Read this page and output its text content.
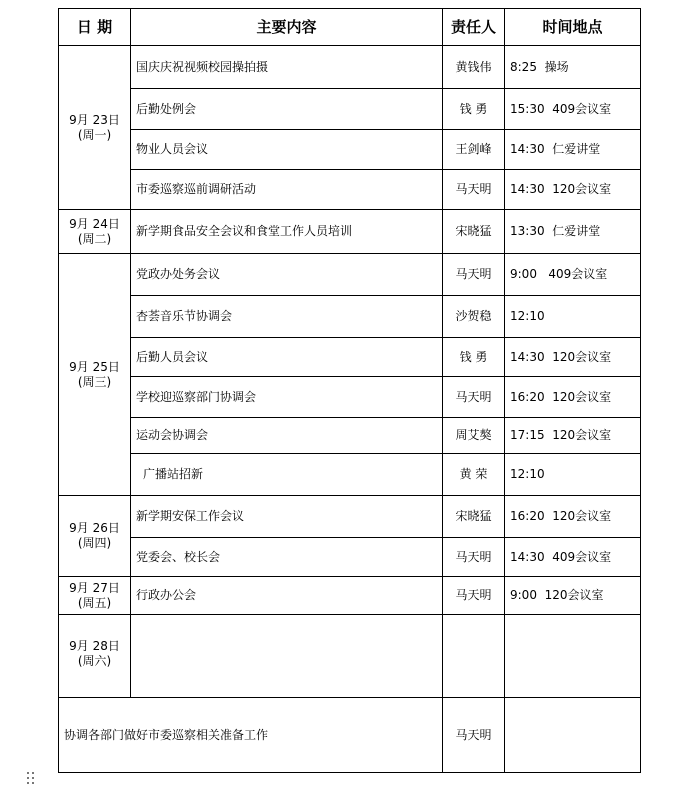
日 期	主要内容	责任人	时间地点

9月 23日
(周一)	国庆庆祝视频校园操拍摄	黄钱伟	8:25  操场
	后勤处例会	钱 勇	15:30  409会议室
	物业人员会议	王剑峰	14:30  仁爱讲堂
	市委巡察巡前调研活动	马天明	14:30  120会议室

9月 24日
(周二)	新学期食品安全会议和食堂工作人员培训	宋晓猛	13:30  仁爱讲堂

9月 25日
(周三)	党政办处务会议	马天明	9:00   409会议室
	杏荟音乐节协调会	沙贺稳	12:10
	后勤人员会议	钱 勇	14:30  120会议室
	学校迎巡察部门协调会	马天明	16:20  120会议室
	运动会协调会	周艾獒	17:15  120会议室
	广播站招新	黄 荣	12:10

9月 26日
(周四)	新学期安保工作会议	宋晓猛	16:20  120会议室
	党委会、校长会	马天明	14:30  409会议室

9月 27日
(周五)	行政办公会	马天明	9:00  120会议室

9月 28日
(周六)			

协调各部门做好市委巡察相关准备工作		马天明	
